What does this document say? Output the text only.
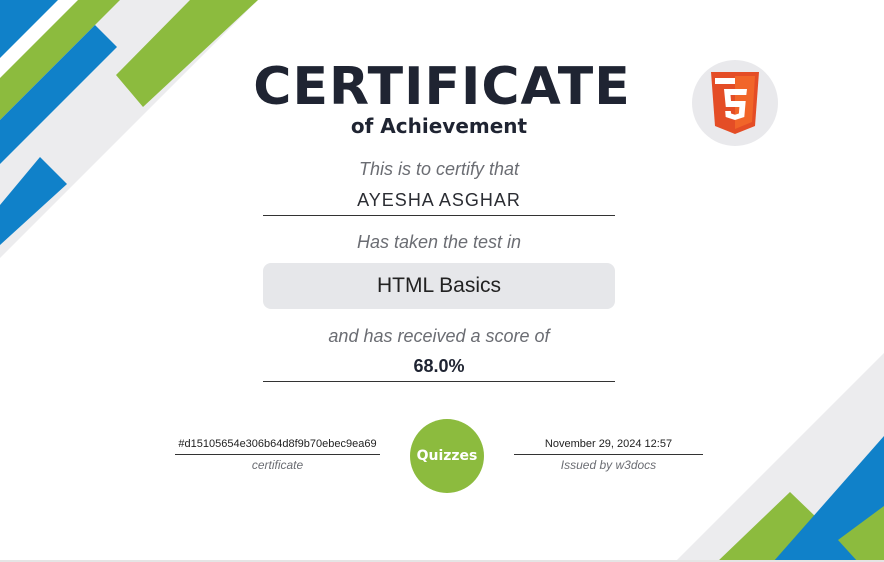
CERTIFICATE
of Achievement
This is to certify that
AYESHA ASGHAR
Has taken the test in
HTML Basics
and has received a score of
68.0%
#d15105654e306b64d8f9b70ebec9ea69
certificate
Quizzes
November 29, 2024 12:57
Issued by w3docs
